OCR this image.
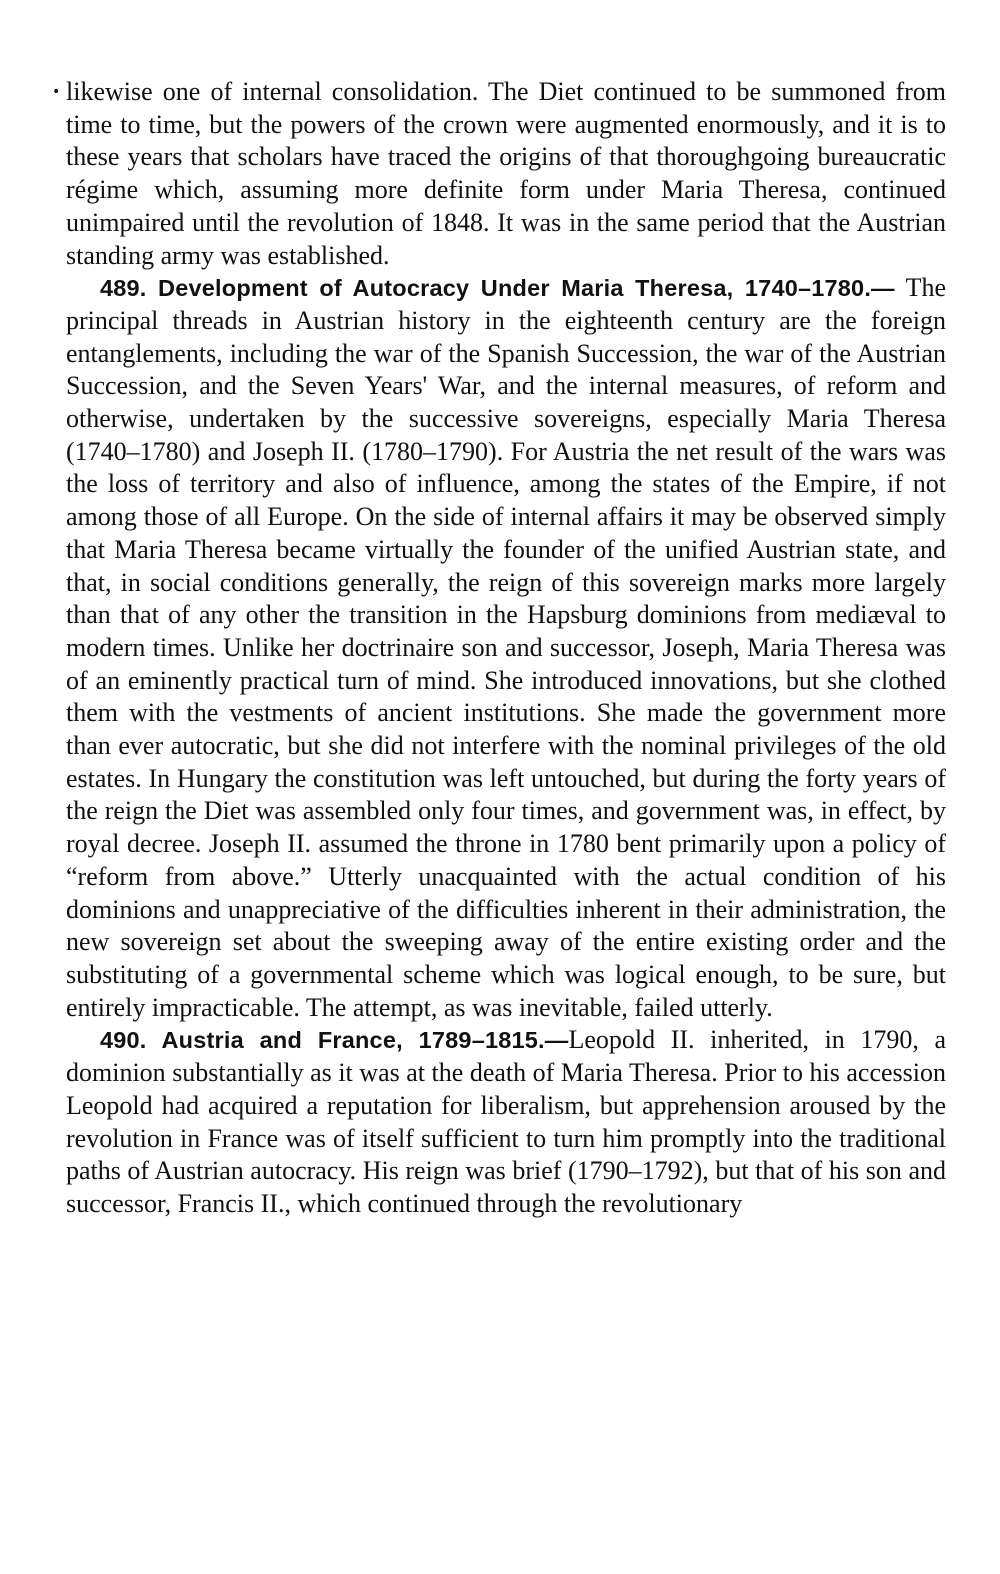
• likewise one of internal consolidation. The Diet continued to be summoned from time to time, but the powers of the crown were augmented enormously, and it is to these years that scholars have traced the origins of that thoroughgoing bureaucratic régime which, assuming more definite form under Maria Theresa, continued unimpaired until the revolution of 1848. It was in the same period that the Austrian standing army was established.

489. Development of Autocracy Under Maria Theresa, 1740–1780.— The principal threads in Austrian history in the eighteenth century are the foreign entanglements, including the war of the Spanish Succession, the war of the Austrian Succession, and the Seven Years' War, and the internal measures, of reform and otherwise, undertaken by the successive sovereigns, especially Maria Theresa (1740–1780) and Joseph II. (1780–1790). For Austria the net result of the wars was the loss of territory and also of influence, among the states of the Empire, if not among those of all Europe. On the side of internal affairs it may be observed simply that Maria Theresa became virtually the founder of the unified Austrian state, and that, in social conditions generally, the reign of this sovereign marks more largely than that of any other the transition in the Hapsburg dominions from mediæval to modern times. Unlike her doctrinaire son and successor, Joseph, Maria Theresa was of an eminently practical turn of mind. She introduced innovations, but she clothed them with the vestments of ancient institutions. She made the government more than ever autocratic, but she did not interfere with the nominal privileges of the old estates. In Hungary the constitution was left untouched, but during the forty years of the reign the Diet was assembled only four times, and government was, in effect, by royal decree. Joseph II. assumed the throne in 1780 bent primarily upon a policy of “reform from above.” Utterly unacquainted with the actual condition of his dominions and unappreciative of the difficulties inherent in their administration, the new sovereign set about the sweeping away of the entire existing order and the substituting of a governmental scheme which was logical enough, to be sure, but entirely impracticable. The attempt, as was inevitable, failed utterly.

490. Austria and France, 1789–1815.—Leopold II. inherited, in 1790, a dominion substantially as it was at the death of Maria Theresa. Prior to his accession Leopold had acquired a reputation for liberalism, but apprehension aroused by the revolution in France was of itself sufficient to turn him promptly into the traditional paths of Austrian autocracy. His reign was brief (1790–1792), but that of his son and successor, Francis II., which continued through the revolutionary
